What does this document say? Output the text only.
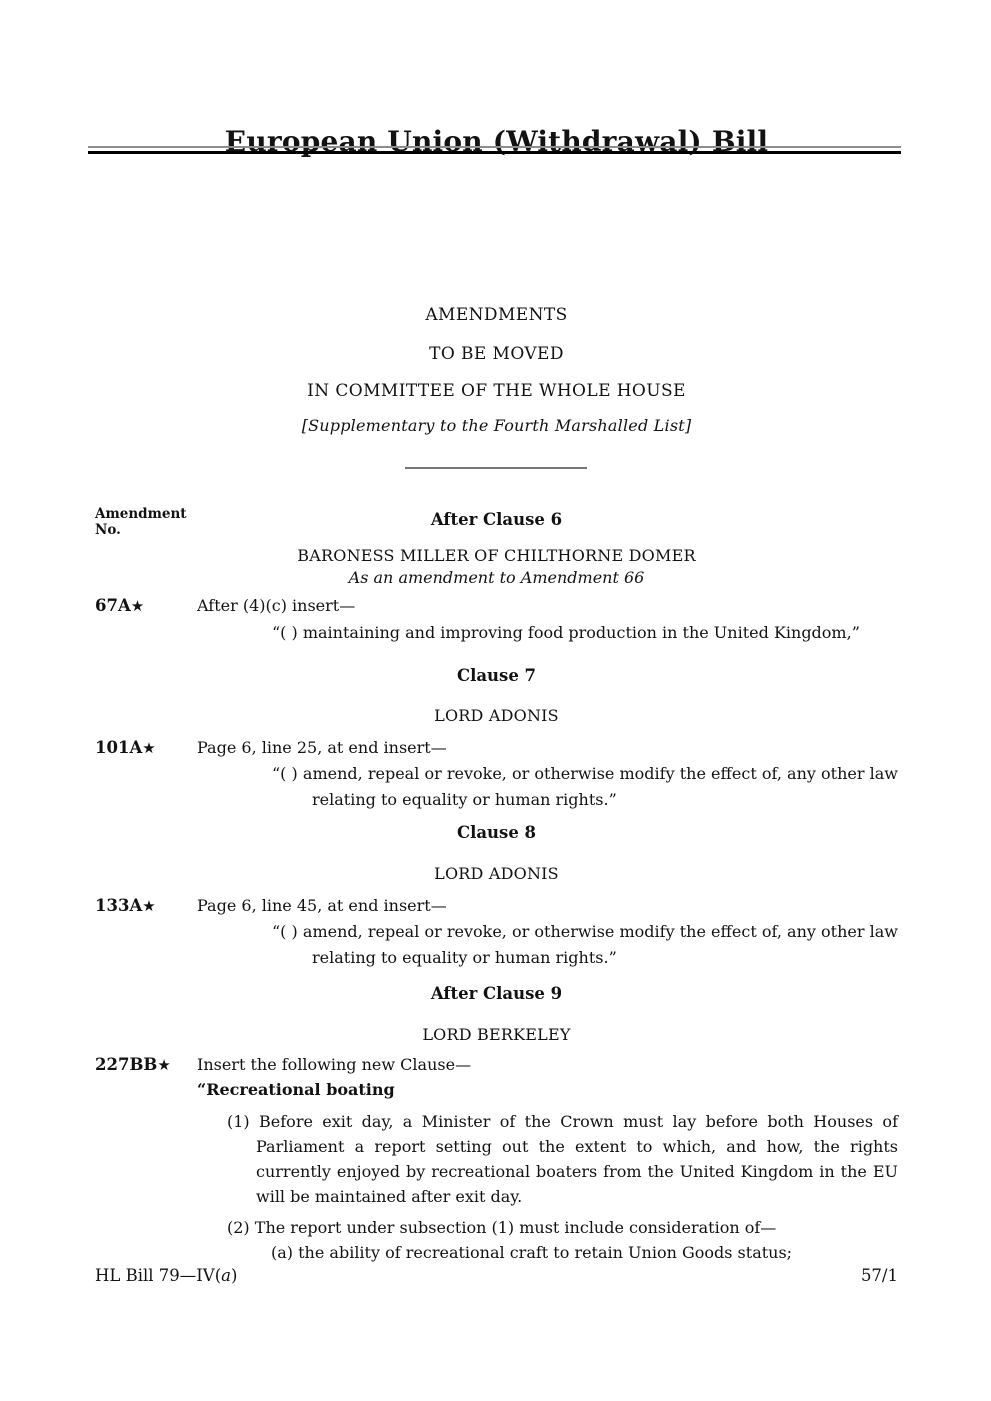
European Union (Withdrawal) Bill
AMENDMENTS
TO BE MOVED
IN COMMITTEE OF THE WHOLE HOUSE
[Supplementary to the Fourth Marshalled List]
Amendment
No.
After Clause 6
BARONESS MILLER OF CHILTHORNE DOMER
As an amendment to Amendment 66
67A★	After (4)(c) insert—

“( ) maintaining and improving food production in the United Kingdom,”

Clause 7
LORD ADONIS
101A★	Page 6, line 25, at end insert—

“( ) amend, repeal or revoke, or otherwise modify the effect of, any other law relating to equality or human rights.”

Clause 8
LORD ADONIS
133A★	Page 6, line 45, at end insert—

“( ) amend, repeal or revoke, or otherwise modify the effect of, any other law relating to equality or human rights.”

After Clause 9
LORD BERKELEY
227BB★ Insert the following new Clause—
“Recreational boating

(1) Before exit day, a Minister of the Crown must lay before both Houses of Parliament a report setting out the extent to which, and how, the rights currently enjoyed by recreational boaters from the United Kingdom in the EU will be maintained after exit day.

(2) The report under subsection (1) must include consideration of—

(a) the ability of recreational craft to retain Union Goods status;

HL Bill 79—IV(a)	57/1
